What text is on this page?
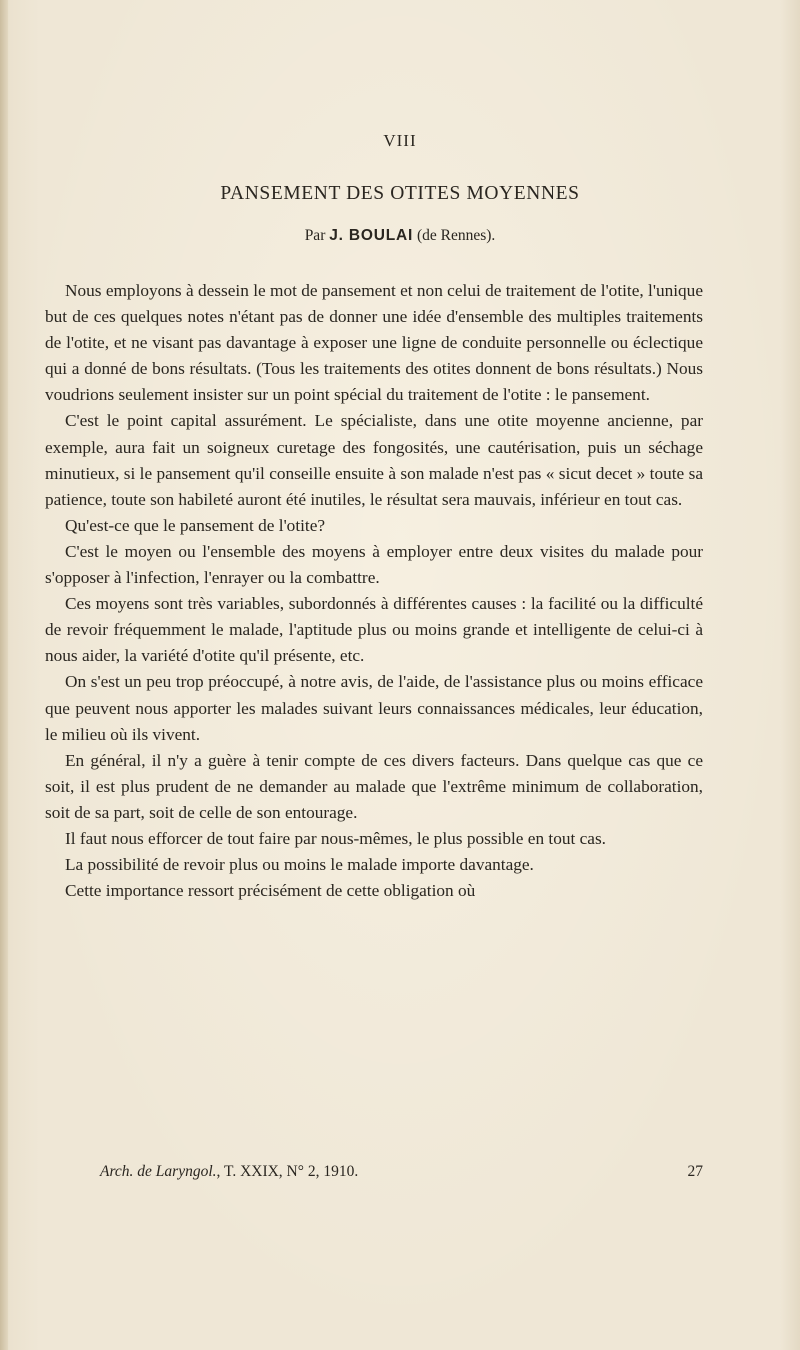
VIII
PANSEMENT DES OTITES MOYENNES
Par J. BOULAI (de Rennes).

Nous employons à dessein le mot de pansement et non celui de traitement de l'otite, l'unique but de ces quelques notes n'étant pas de donner une idée d'ensemble des multiples traitements de l'otite, et ne visant pas davantage à exposer une ligne de conduite personnelle ou éclectique qui a donné de bons résultats. (Tous les traitements des otites donnent de bons résultats.) Nous voudrions seulement insister sur un point spécial du traitement de l'otite : le pansement.

C'est le point capital assurément. Le spécialiste, dans une otite moyenne ancienne, par exemple, aura fait un soigneux curetage des fongosités, une cautérisation, puis un séchage minutieux, si le pansement qu'il conseille ensuite à son malade n'est pas « sicut decet » toute sa patience, toute son habileté auront été inutiles, le résultat sera mauvais, inférieur en tout cas.

Qu'est-ce que le pansement de l'otite?

C'est le moyen ou l'ensemble des moyens à employer entre deux visites du malade pour s'opposer à l'infection, l'enrayer ou la combattre.

Ces moyens sont très variables, subordonnés à différentes causes : la facilité ou la difficulté de revoir fréquemment le malade, l'aptitude plus ou moins grande et intelligente de celui-ci à nous aider, la variété d'otite qu'il présente, etc.

On s'est un peu trop préoccupé, à notre avis, de l'aide, de l'assistance plus ou moins efficace que peuvent nous apporter les malades suivant leurs connaissances médicales, leur éducation, le milieu où ils vivent.

En général, il n'y a guère à tenir compte de ces divers facteurs. Dans quelque cas que ce soit, il est plus prudent de ne demander au malade que l'extrême minimum de collaboration, soit de sa part, soit de celle de son entourage.

Il faut nous efforcer de tout faire par nous-mêmes, le plus possible en tout cas.

La possibilité de revoir plus ou moins le malade importe davantage.

Cette importance ressort précisément de cette obligation où

Arch. de Laryngol., T. XXIX, N° 2, 1910.	27
